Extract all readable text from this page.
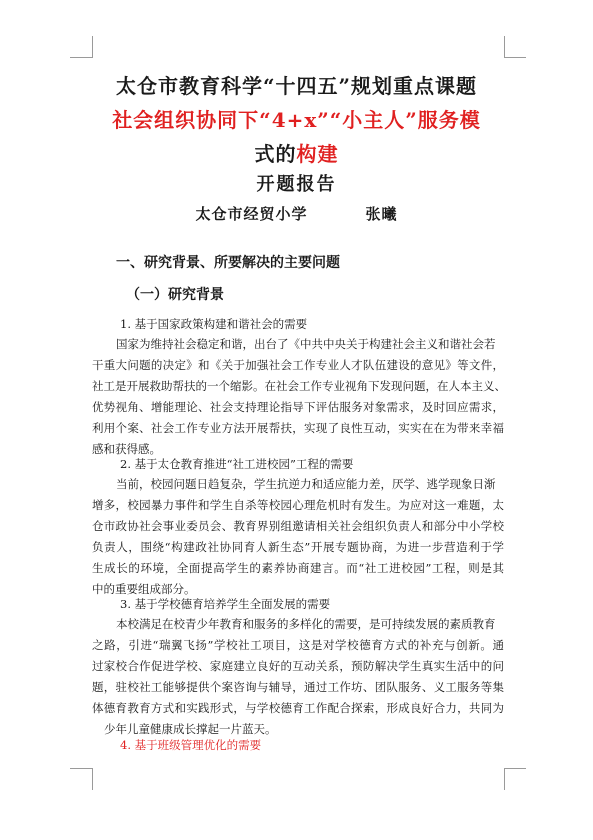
太仓市教育科学“十四五”规划重点课题
社会组织协同下“4+x”“小主人”服务模
式的构建
开题报告
太仓市经贸小学	张曦
一、研究背景、所要解决的主要问题
（一）研究背景
1. 基于国家政策构建和谐社会的需要
国家为维持社会稳定和谐，出台了《中共中央关于构建社会主义和谐社会若
干重大问题的决定》和《关于加强社会工作专业人才队伍建设的意见》等文件，
社工是开展救助帮扶的一个缩影。在社会工作专业视角下发现问题，在人本主义、
优势视角、增能理论、社会支持理论指导下评估服务对象需求，及时回应需求，
利用个案、社会工作专业方法开展帮扶，实现了良性互动，实实在在为带来幸福
感和获得感。
2. 基于太仓教育推进“社工进校园”工程的需要
当前，校园问题日趋复杂，学生抗逆力和适应能力差，厌学、逃学现象日渐
增多，校园暴力事件和学生自杀等校园心理危机时有发生。为应对这一难题，太
仓市政协社会事业委员会、教育界别组邀请相关社会组织负责人和部分中小学校
负责人，围绕“构建政社协同育人新生态”开展专题协商，为进一步营造利于学
生成长的环境，全面提高学生的素养协商建言。而“社工进校园”工程，则是其
中的重要组成部分。
3. 基于学校德育培养学生全面发展的需要
本校满足在校青少年教育和服务的多样化的需要，是可持续发展的素质教育
之路，引进“瑞翼飞扬”学校社工项目，这是对学校德育方式的补充与创新。通
过家校合作促进学校、家庭建立良好的互动关系，预防解决学生真实生活中的问
题，驻校社工能够提供个案咨询与辅导，通过工作坊、团队服务、义工服务等集
体德育教育方式和实践形式，与学校德育工作配合探索，形成良好合力，共同为
少年儿童健康成长撑起一片蓝天。
4. 基于班级管理优化的需要
